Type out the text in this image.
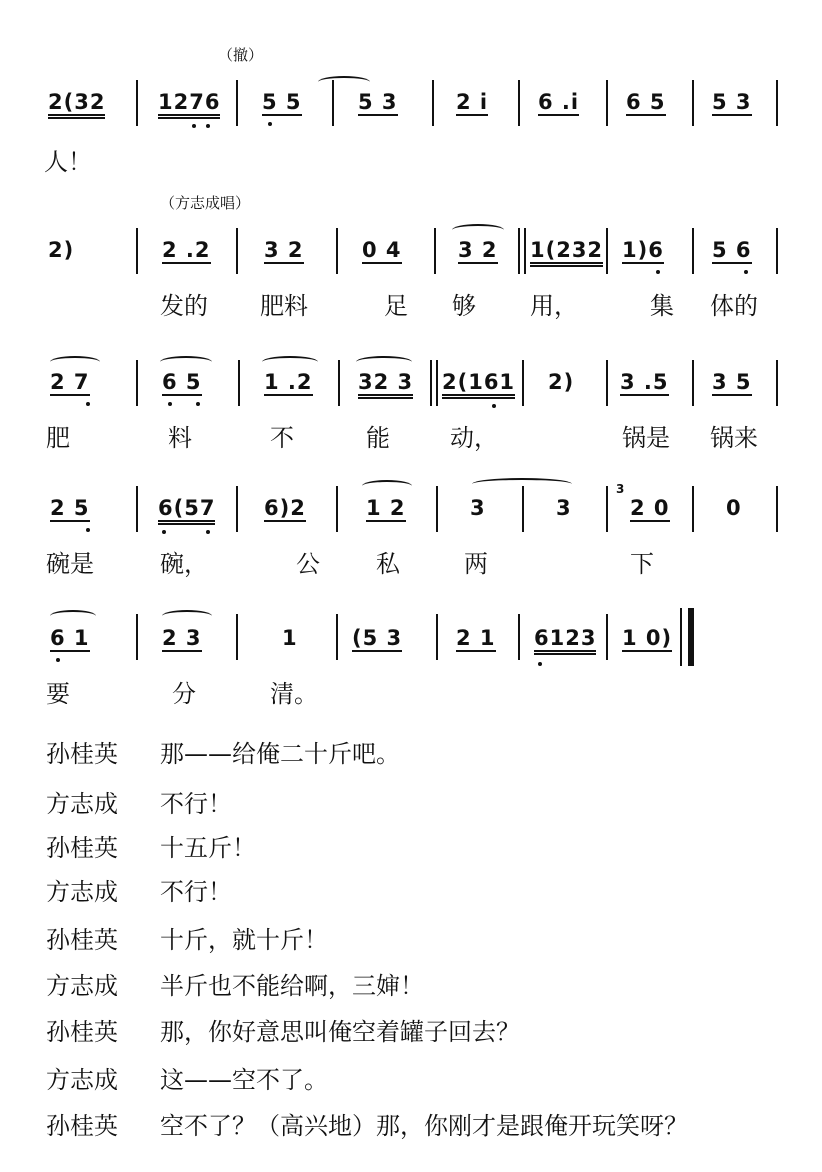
（撤）
2(32	1276 5 5	5 3	2 i 6 .i 6 5 5 3
人！
（方志成唱）
2)	2 .2	3 2	0 4	3 2 1(232 1)6 5 6
发的 肥料	足 够 用，	集 体的
2 7	6 5	1 .2 32 3 2(161 2) 3 .5 3 5
肥	料	不	能	动，	锅是 锅来
3
2 5	6(57 6)2	1 2	3	3	2 0	0
碗是	碗，	公 私	两	下
6 1	2 3	1	(5 3	2 1 6123 1 0)
要	分	清。
孙桂英 那——给俺二十斤吧。
方志成 不行！
孙桂英 十五斤！
方志成 不行！
孙桂英 十斤，就十斤！
方志成 半斤也不能给啊，三婶！
孙桂英 那，你好意思叫俺空着罐子回去？
方志成 这——空不了。
孙桂英 空不了？（高兴地）那，你刚才是跟俺开玩笑呀？
